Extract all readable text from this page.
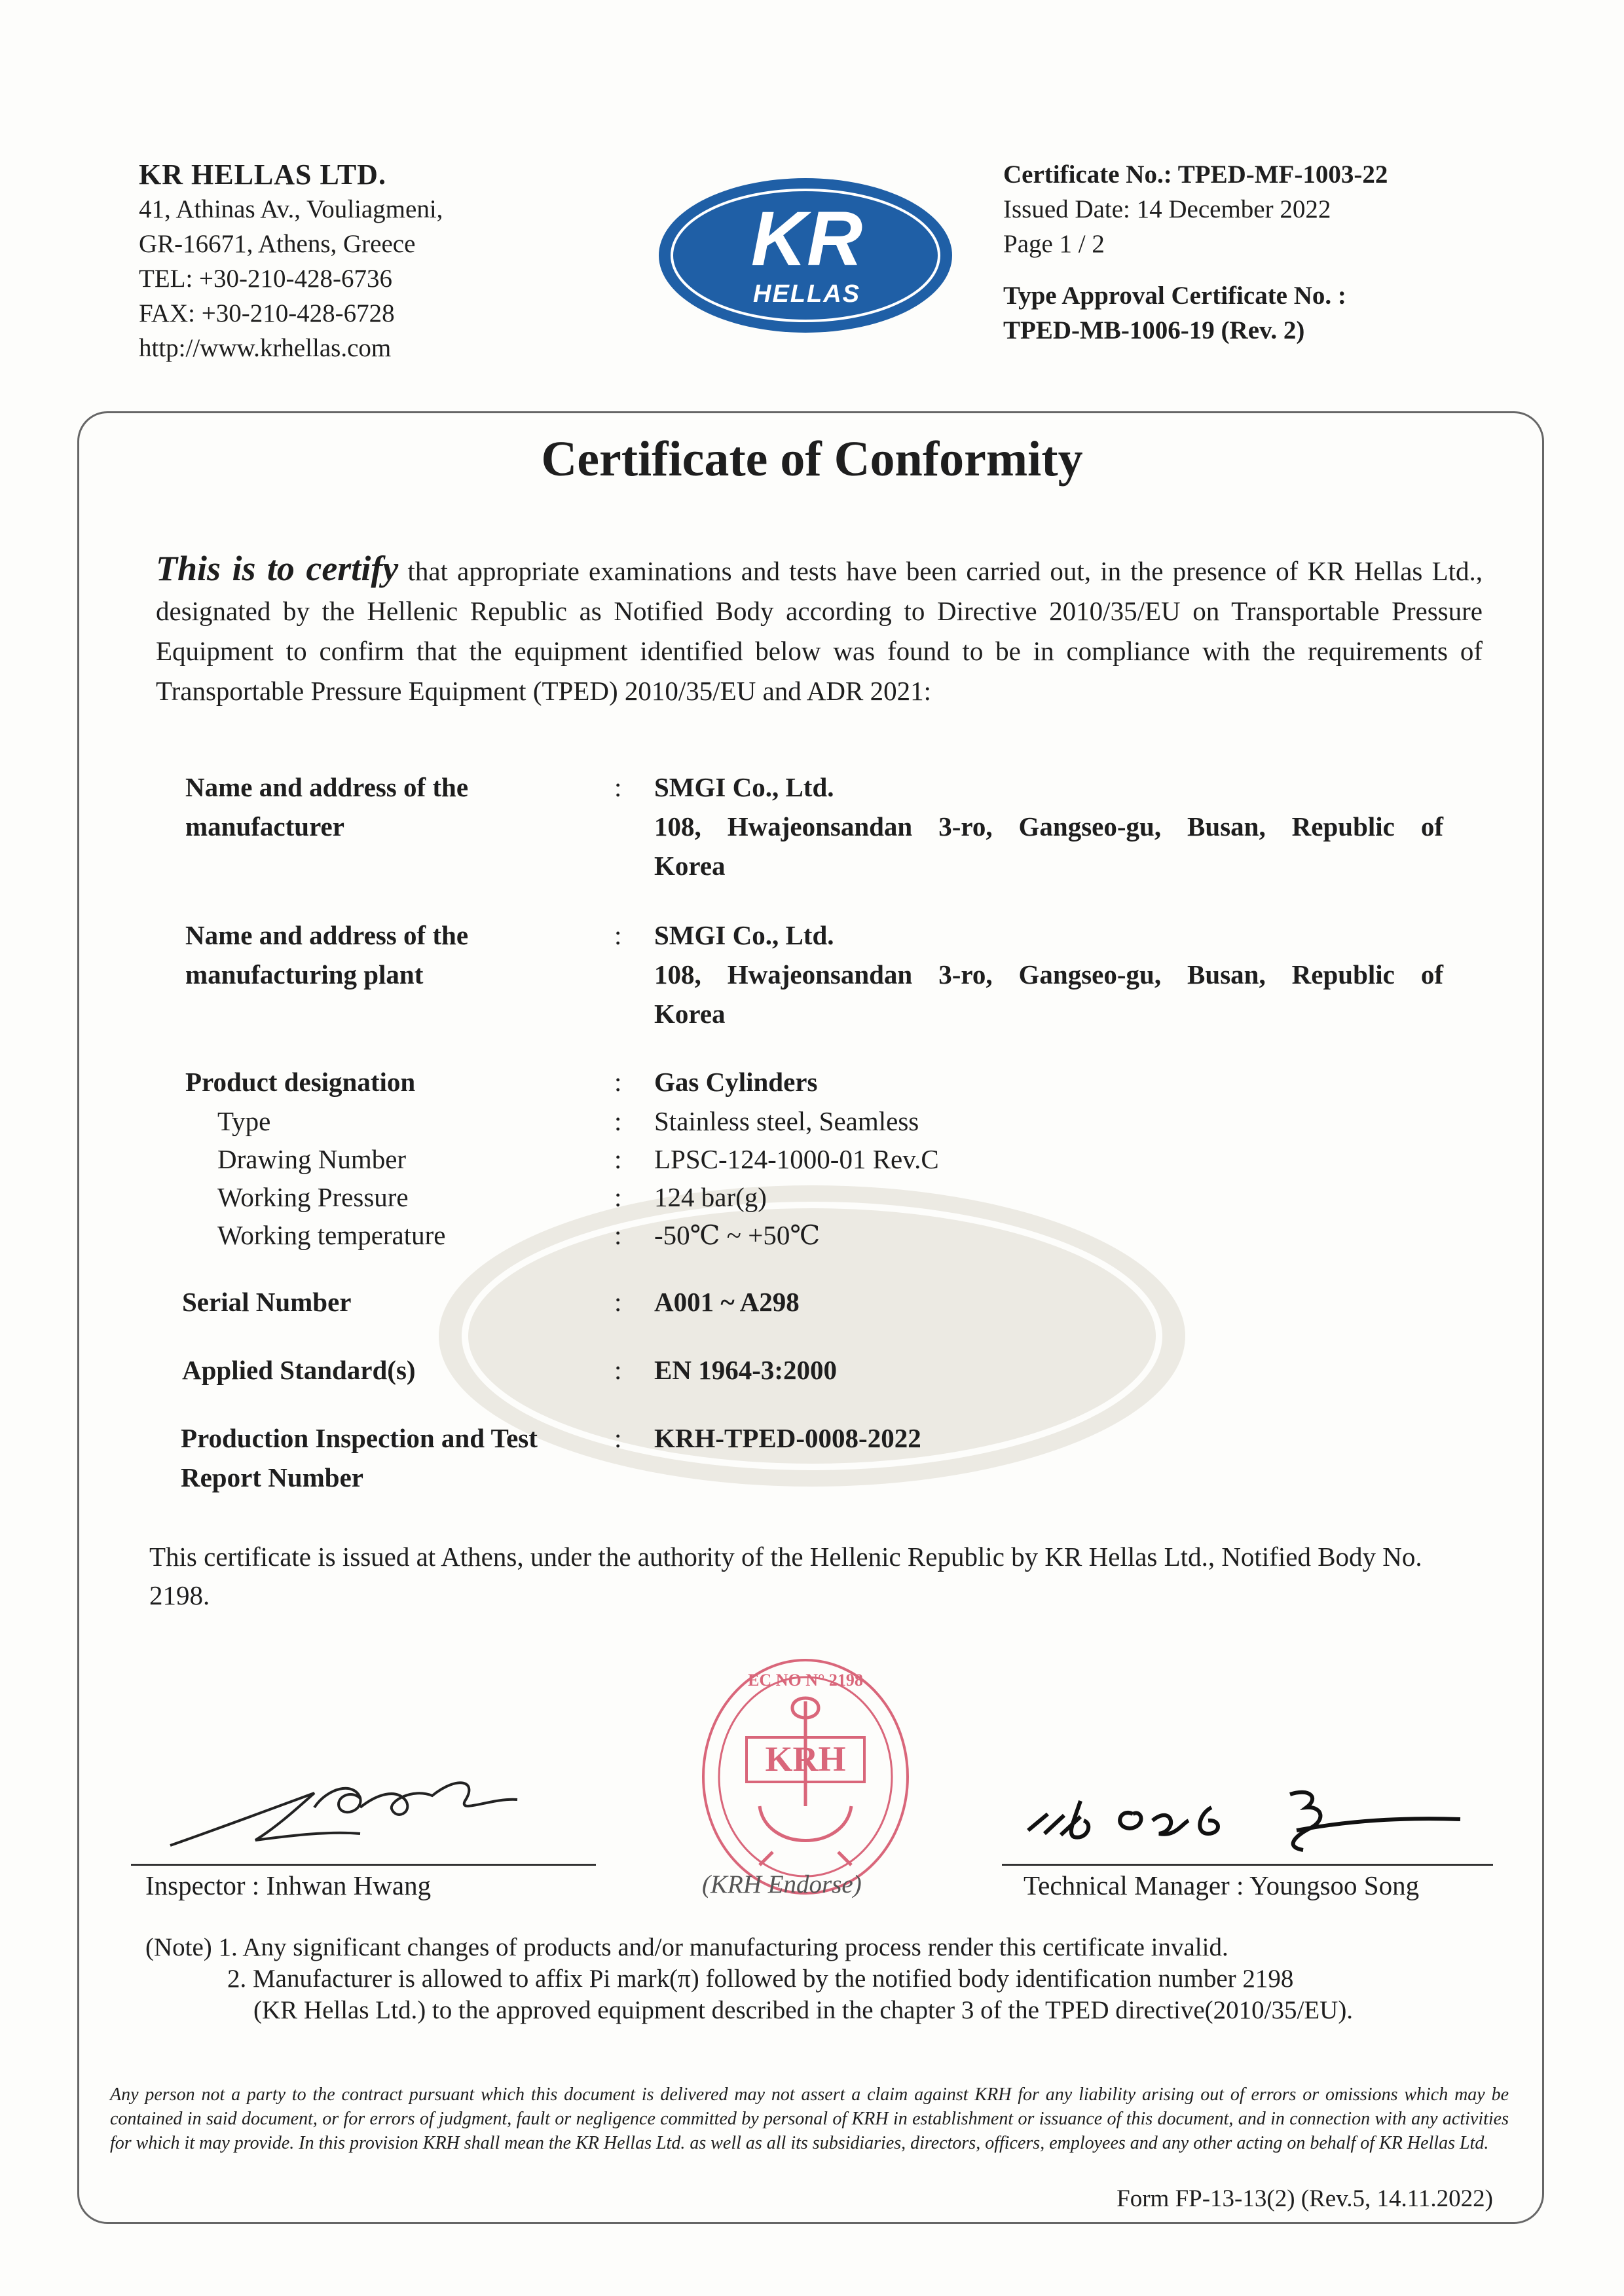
KR HELLAS LTD.
41, Athinas Av., Vouliagmeni,
GR-16671, Athens, Greece
TEL: +30-210-428-6736
FAX: +30-210-428-6728
http://www.krhellas.com
KR
HELLAS
Certificate No.: TPED-MF-1003-22
Issued Date: 14 December 2022
Page 1 / 2
Type Approval Certificate No. :
TPED-MB-1006-19 (Rev. 2)
Certificate of Conformity
This is to certify that appropriate examinations and tests have been carried out, in the presence of KR Hellas Ltd., designated by the Hellenic Republic as Notified Body according to Directive 2010/35/EU on Transportable Pressure Equipment to confirm that the equipment identified below was found to be in compliance with the requirements of Transportable Pressure Equipment (TPED) 2010/35/EU and ADR 2021:
Name and address of the
manufacturer
: SMGI Co., Ltd.
108, Hwajeonsandan 3-ro, Gangseo-gu, Busan, Republic of
Korea
Name and address of the
manufacturing plant
: SMGI Co., Ltd.
108, Hwajeonsandan 3-ro, Gangseo-gu, Busan, Republic of
Korea
Product designation	: Gas Cylinders
Type	: Stainless steel, Seamless
Drawing Number	: LPSC-124-1000-01 Rev.C
Working Pressure	: 124 bar(g)
Working temperature	: -50℃ ~ +50℃
Serial Number	: A001 ~ A298
Applied Standard(s)	: EN 1964-3:2000
Production Inspection and Test
Report Number
: KRH-TPED-0008-2022
This certificate is issued at Athens, under the authority of the Hellenic Republic by KR Hellas Ltd., Notified Body No. 2198.
Inspector : Inhwan Hwang
EC NO N° 2198
KRH
(KRH Endorse)	Technical Manager : Youngsoo Song
(Note) 1. Any significant changes of products and/or manufacturing process render this certificate invalid.
2. Manufacturer is allowed to affix Pi mark(π) followed by the notified body identification number 2198
(KR Hellas Ltd.) to the approved equipment described in the chapter 3 of the TPED directive(2010/35/EU).
Any person not a party to the contract pursuant which this document is delivered may not assert a claim against KRH for any liability arising out of errors or omissions which may be contained in said document, or for errors of judgment, fault or negligence committed by personal of KRH in establishment or issuance of this document, and in connection with any activities for which it may provide. In this provision KRH shall mean the KR Hellas Ltd. as well as all its subsidiaries, directors, officers, employees and any other acting on behalf of KR Hellas Ltd.
Form FP-13-13(2) (Rev.5, 14.11.2022)
